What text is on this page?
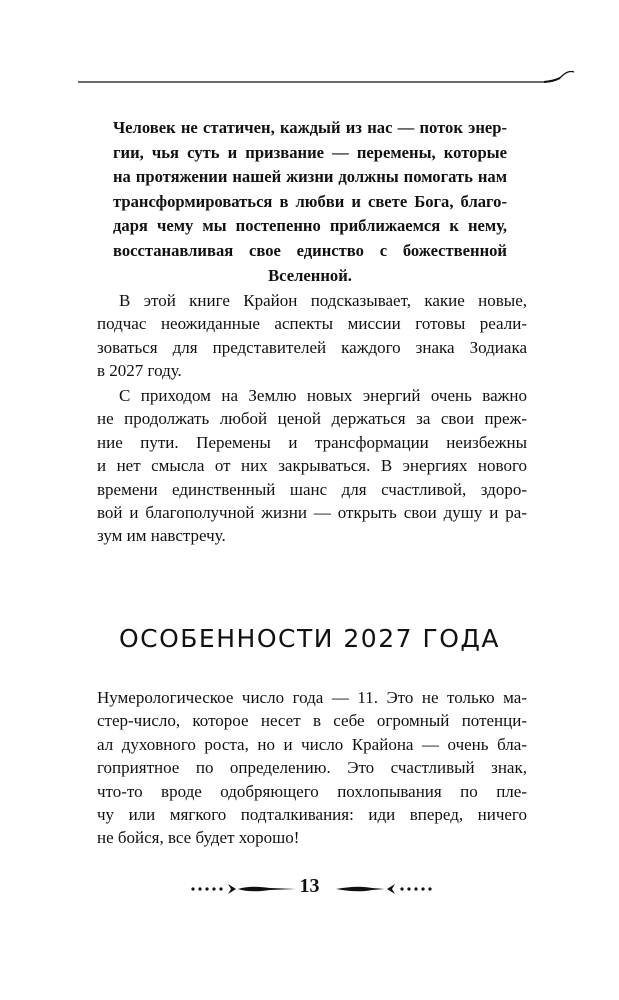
Человек не статичен, каждый из нас — поток энер-
гии, чья суть и призвание — перемены, которые
на протяжении нашей жизни должны помогать нам
трансформироваться в любви и свете Бога, благо-
даря чему мы постепенно приближаемся к нему,
восстанавливая свое единство с божественной
Вселенной.
В этой книге Крайон подсказывает, какие новые,
подчас неожиданные аспекты миссии готовы реали-
зоваться для представителей каждого знака Зодиака
в 2027 году.
С приходом на Землю новых энергий очень важно
не продолжать любой ценой держаться за свои преж-
ние пути. Перемены и трансформации неизбежны
и нет смысла от них закрываться. В энергиях нового
времени единственный шанс для счастливой, здоро-
вой и благополучной жизни — открыть свои душу и ра-
зум им навстречу.
ОСОБЕННОСТИ 2027 ГОДА
Нумерологическое число года — 11. Это не только ма-
стер-число, которое несет в себе огромный потенци-
ал духовного роста, но и число Крайона — очень бла-
гоприятное по определению. Это счастливый знак,
что-то вроде одобряющего похлопывания по пле-
чу или мягкого подталкивания: иди вперед, ничего
не бойся, все будет хорошо!
13
